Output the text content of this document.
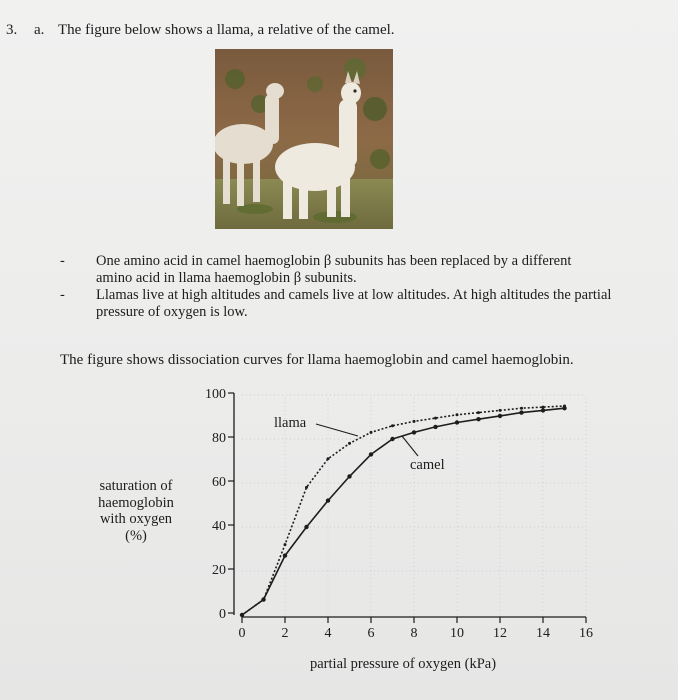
3. a. The figure below shows a llama, a relative of the camel.
- One amino acid in camel haemoglobin β subunits has been replaced by a different
amino acid in llama haemoglobin β subunits.
- Llamas live at high altitudes and camels live at low altitudes. At high altitudes the partial
pressure of oxygen is low.
The figure shows dissociation curves for llama haemoglobin and camel haemoglobin.
saturation of
haemoglobin
with oxygen
(%)
0
20
40
60
80
100
0	2	4	6	8 10 12 14 16
llama
camel
partial pressure of oxygen (kPa)
